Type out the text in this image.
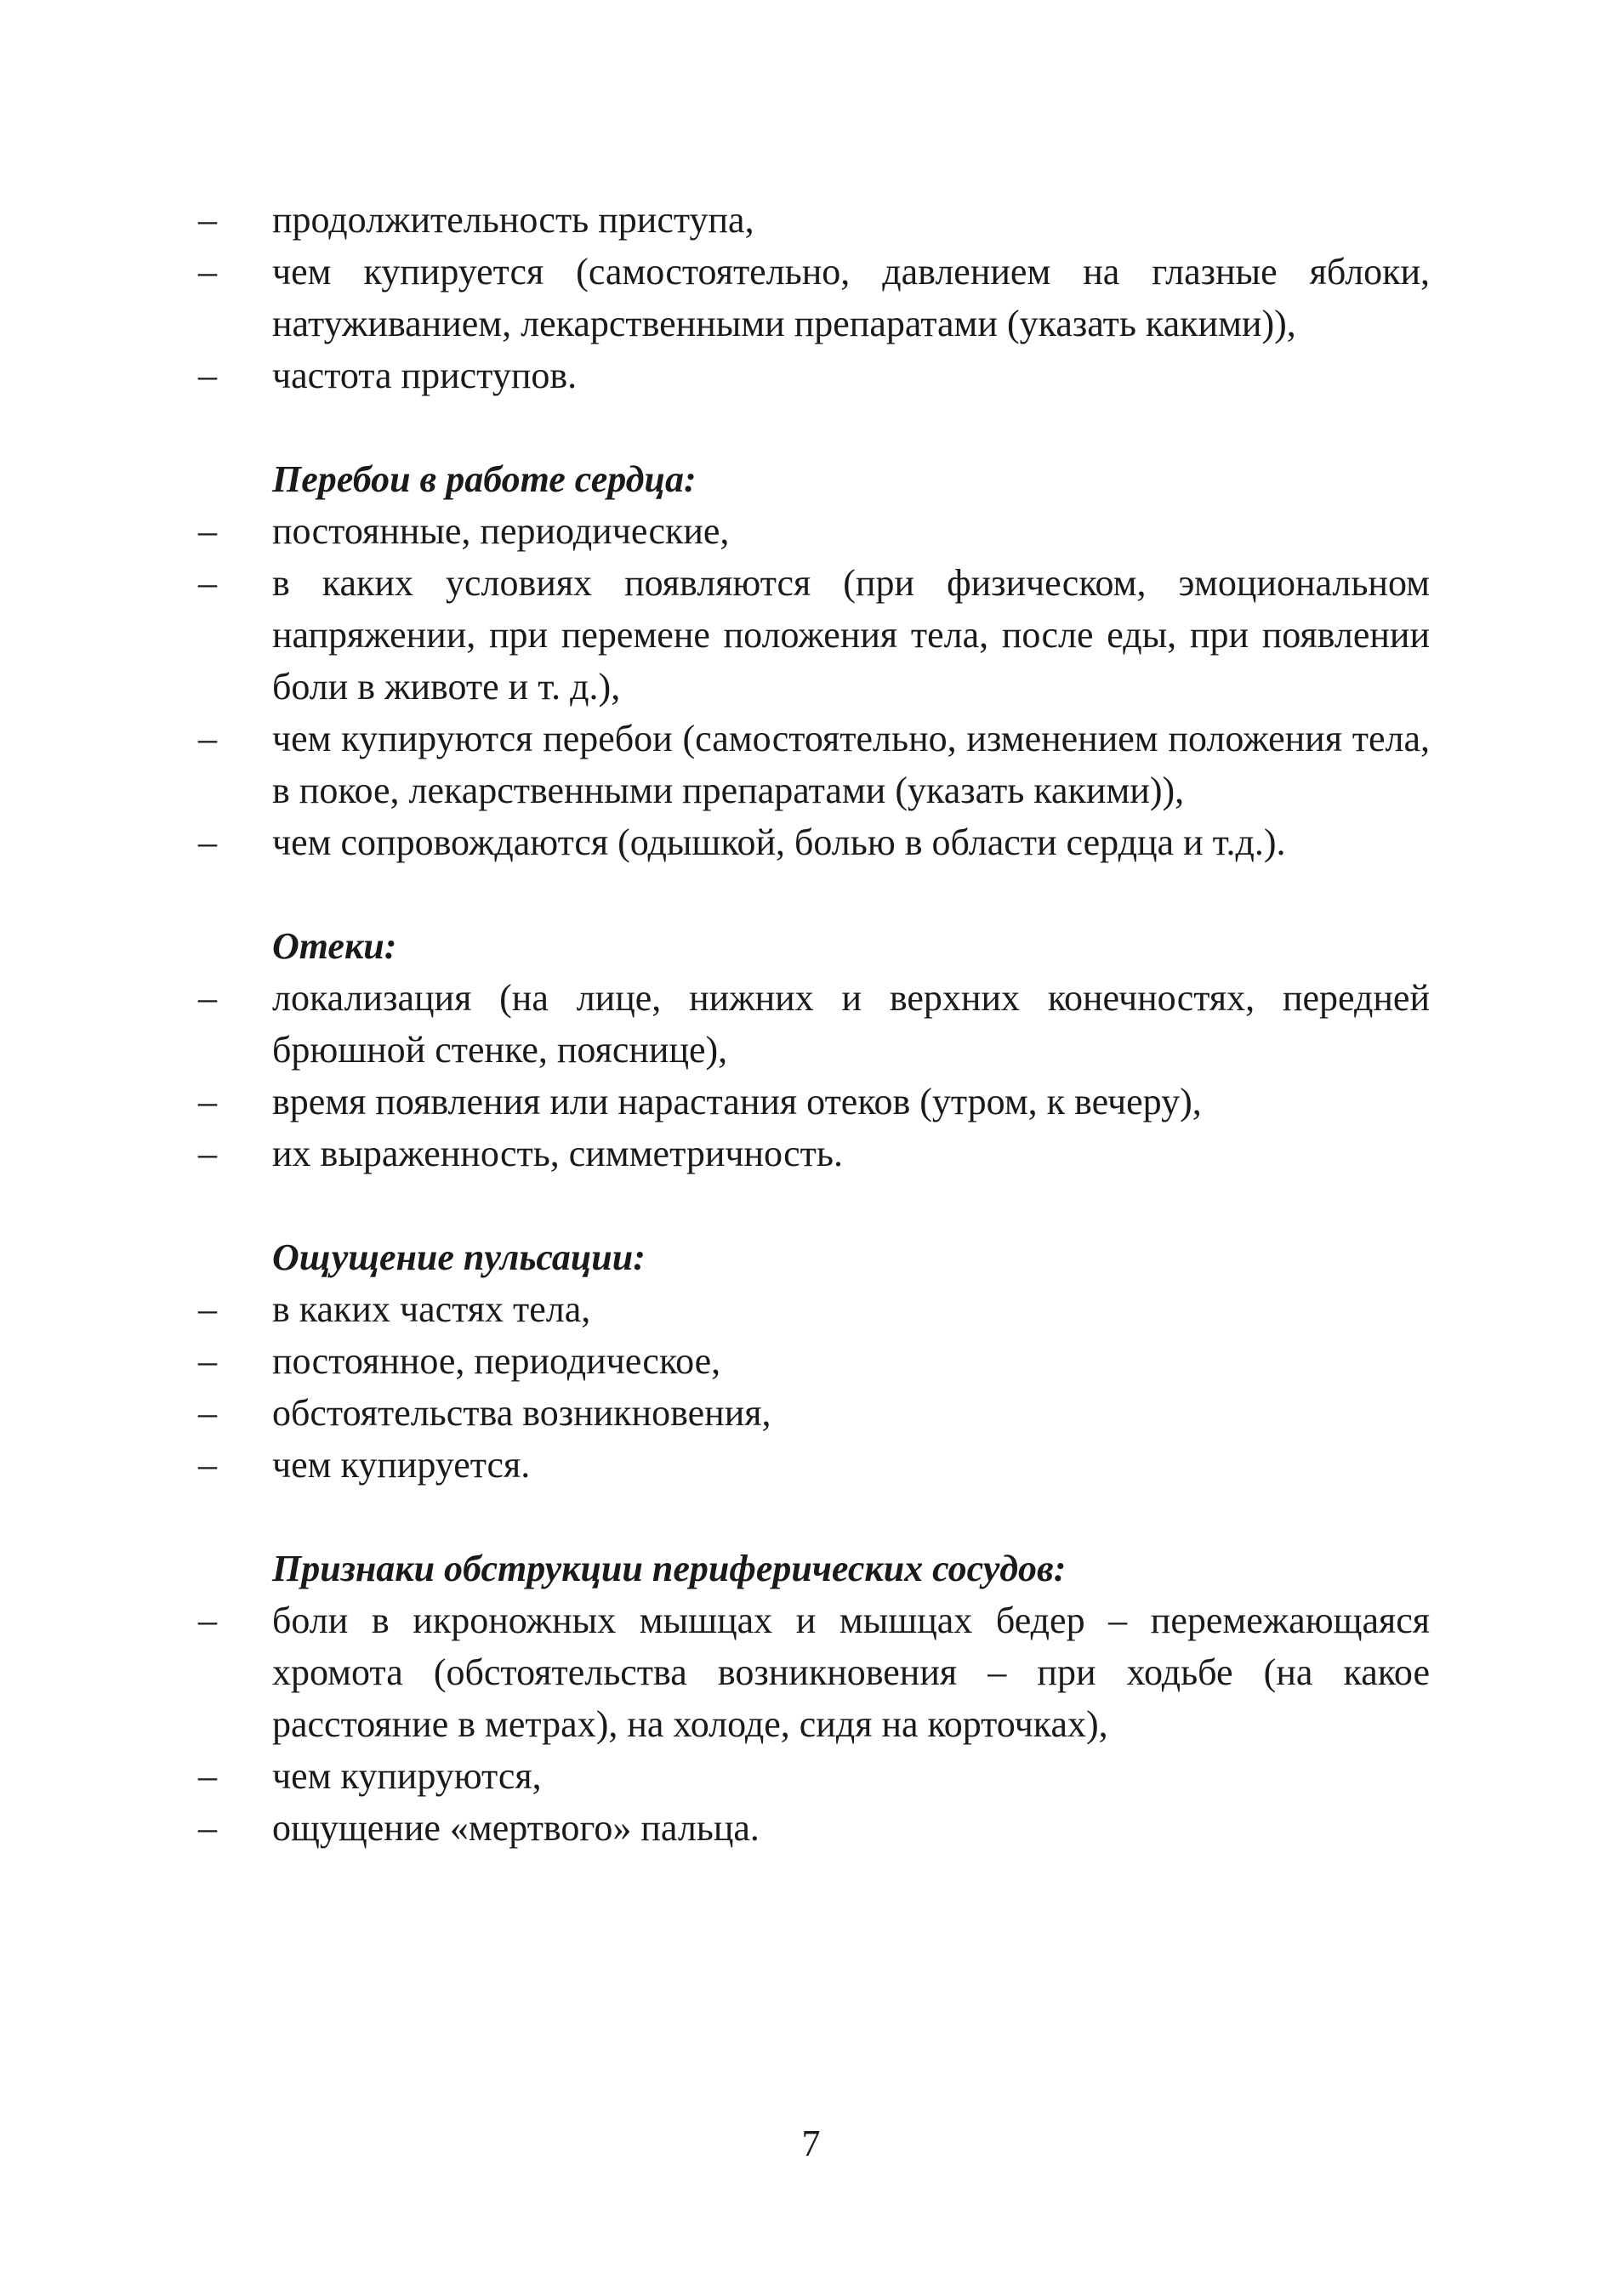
–
продолжительность приступа,
–
чем купируется (самостоятельно, давлением на глазные яблоки, натуживанием, лекарственными препаратами (указать какими)),
–
частота приступов.
Перебои в работе сердца:
–
постоянные, периодические,
–
в каких условиях появляются (при физическом, эмоциональном напряжении, при перемене положения тела, после еды, при появлении боли в животе и т. д.),
–
чем купируются перебои (самостоятельно, изменением положения тела, в покое, лекарственными препаратами (указать какими)),
–
чем сопровождаются (одышкой, болью в области сердца и т.д.).
Отеки:
–
локализация (на лице, нижних и верхних конечностях, передней брюшной стенке, пояснице),
–
время появления или нарастания отеков (утром, к вечеру),
–
их выраженность, симметричность.
Ощущение пульсации:
–
в каких частях тела,
–
постоянное, периодическое,
–
обстоятельства возникновения,
–
чем купируется.
Признаки обструкции периферических сосудов:
–
боли в икроножных мышцах и мышцах бедер – перемежающаяся хромота (обстоятельства возникновения – при ходьбе (на какое расстояние в метрах), на холоде, сидя на корточках),
–
чем купируются,
–
ощущение «мертвого» пальца.
7
